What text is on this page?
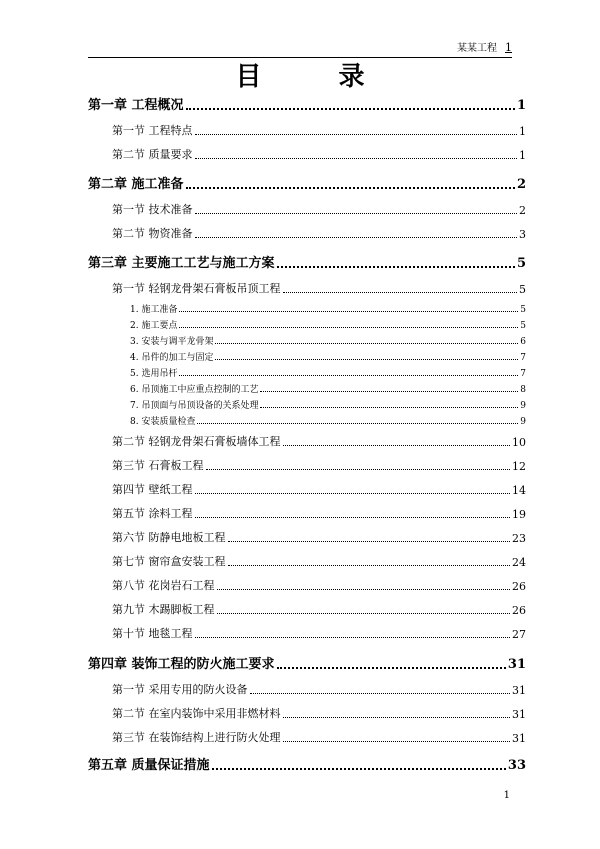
某某工程 1
目 录
第一章 工程概况	1
第一节 工程特点	1
第二节 质量要求	1
第二章 施工准备	2
第一节 技术准备	2
第二节 物资准备	3
第三章 主要施工工艺与施工方案	5
第一节 轻钢龙骨架石膏板吊顶工程	5
1. 施工准备	5
2. 施工要点	5
3. 安装与调平龙骨架	6
4. 吊件的加工与固定	7
5. 选用吊杆	7
6. 吊顶施工中应重点控制的工艺	8
7. 吊顶面与吊顶设备的关系处理	9
8. 安装质量检查	9
第二节 轻钢龙骨架石膏板墙体工程	10
第三节 石膏板工程	12
第四节 壁纸工程	14
第五节 涂料工程	19
第六节 防静电地板工程	23
第七节 窗帘盒安装工程	24
第八节 花岗岩石工程	26
第九节 木踢脚板工程	26
第十节 地毯工程	27
第四章 装饰工程的防火施工要求	31
第一节 采用专用的防火设备	31
第二节 在室内装饰中采用非燃材料	31
第三节 在装饰结构上进行防火处理	31
第五章 质量保证措施	33
1
